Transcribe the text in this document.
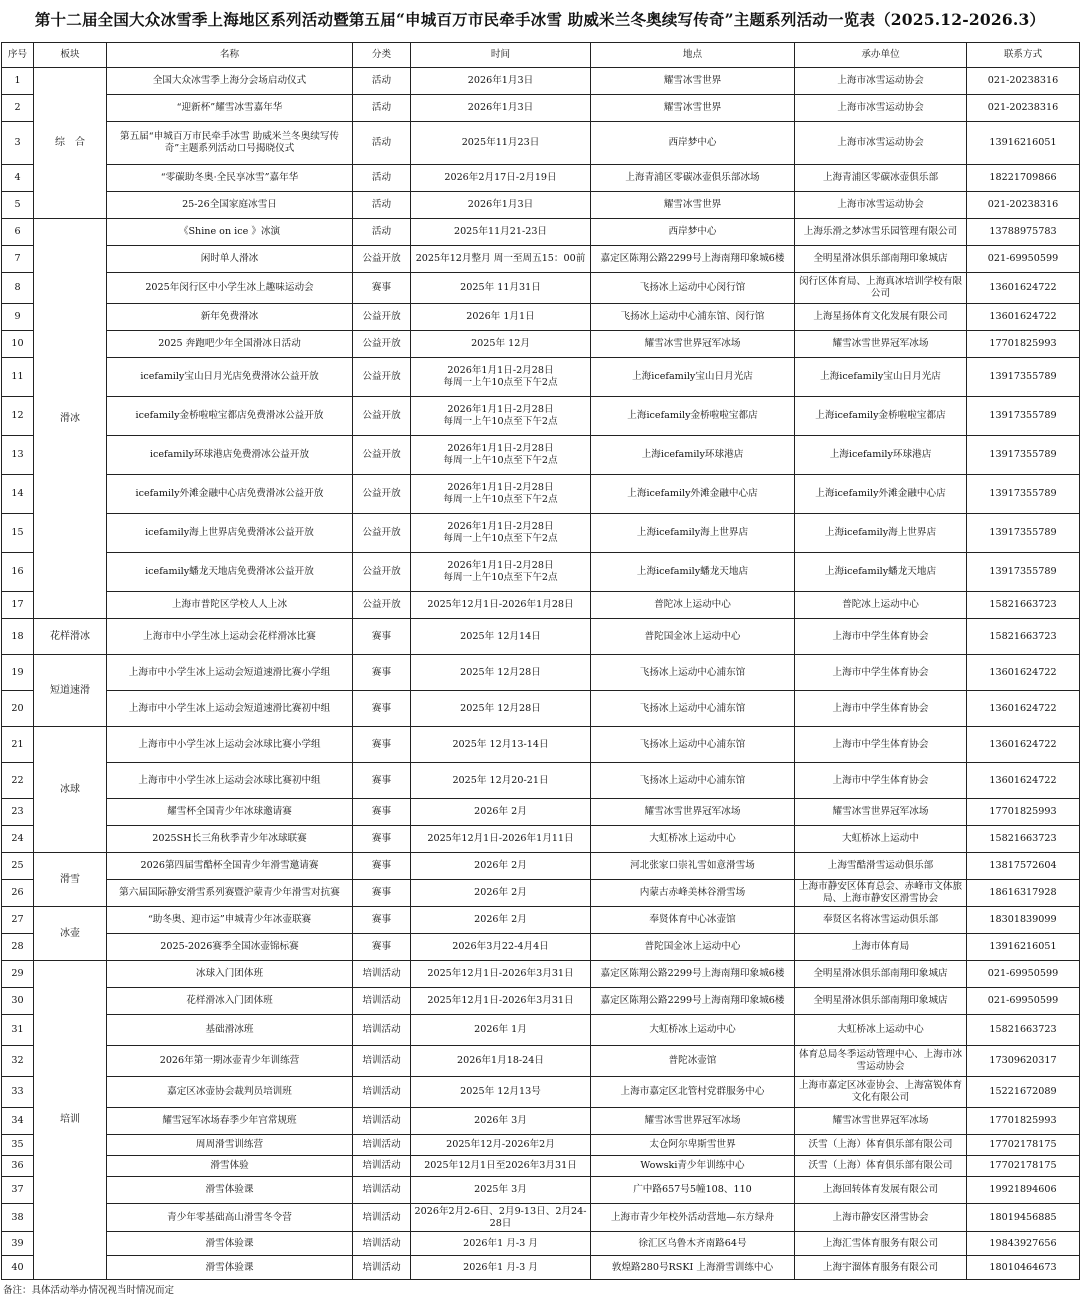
第十二届全国大众冰雪季上海地区系列活动暨第五届“申城百万市民牵手冰雪 助威米兰冬奥续写传奇”主题系列活动一览表（2025.12-2026.3）
序号	板块	名称	分类	时间	地点	承办单位	联系方式
1	综　合	全国大众冰雪季上海分会场启动仪式	活动	2026年1月3日	耀雪冰雪世界	上海市冰雪运动协会	021-20238316
2		“迎新杯”耀雪冰雪嘉年华	活动	2026年1月3日	耀雪冰雪世界	上海市冰雪运动协会	021-20238316
3		第五届“申城百万市民牵手冰雪 助威米兰冬奥续写传奇”主题系列活动口号揭晓仪式	活动	2025年11月23日	西岸梦中心	上海市冰雪运动协会	13916216051
4		“零碳助冬奥·全民享冰雪”嘉年华	活动	2026年2月17日-2月19日	上海青浦区零碳冰壶俱乐部冰场	上海青浦区零碳冰壶俱乐部	18221709866
5		25-26全国家庭冰雪日	活动	2026年1月3日	耀雪冰雪世界	上海市冰雪运动协会	021-20238316
6	滑冰	《Shine on ice 》冰演	活动	2025年11月21-23日	西岸梦中心	上海乐滑之梦冰雪乐园管理有限公司	13788975783
7		闲时单人滑冰	公益开放	2025年12月整月 周一至周五15：00前	嘉定区陈翔公路2299号上海南翔印象城6楼	全明星滑冰俱乐部南翔印象城店	021-69950599
8		2025年闵行区中小学生冰上趣味运动会	赛事	2025年 11月31日	飞扬冰上运动中心闵行馆	闵行区体育局、上海真冰培训学校有限公司	13601624722
9		新年免费滑冰	公益开放	2026年 1月1日	飞扬冰上运动中心浦东馆、闵行馆	上海星扬体育文化发展有限公司	13601624722
10		2025 奔跑吧少年全国滑冰日活动	公益开放	2025年 12月	耀雪冰雪世界冠军冰场	耀雪冰雪世界冠军冰场	17701825993
11		icefamily宝山日月光店免费滑冰公益开放	公益开放	2026年1月1日-2月28日
每周一上午10点至下午2点	上海icefamily宝山日月光店	上海icefamily宝山日月光店	13917355789
12		icefamily金桥啦啦宝都店免费滑冰公益开放	公益开放	2026年1月1日-2月28日
每周一上午10点至下午2点	上海icefamily金桥啦啦宝都店	上海icefamily金桥啦啦宝都店	13917355789
13		icefamily环球港店免费滑冰公益开放	公益开放	2026年1月1日-2月28日
每周一上午10点至下午2点	上海icefamily环球港店	上海icefamily环球港店	13917355789
14		icefamily外滩金融中心店免费滑冰公益开放	公益开放	2026年1月1日-2月28日
每周一上午10点至下午2点	上海icefamily外滩金融中心店	上海icefamily外滩金融中心店	13917355789
15		icefamily海上世界店免费滑冰公益开放	公益开放	2026年1月1日-2月28日
每周一上午10点至下午2点	上海icefamily海上世界店	上海icefamily海上世界店	13917355789
16		icefamily蟠龙天地店免费滑冰公益开放	公益开放	2026年1月1日-2月28日
每周一上午10点至下午2点	上海icefamily蟠龙天地店	上海icefamily蟠龙天地店	13917355789
17		上海市普陀区学校人人上冰	公益开放	2025年12月1日-2026年1月28日	普陀冰上运动中心	普陀冰上运动中心	15821663723
18	花样滑冰	上海市中小学生冰上运动会花样滑冰比赛	赛事	2025年 12月14日	普陀国金冰上运动中心	上海市中学生体育协会	15821663723
19	短道速滑	上海市中小学生冰上运动会短道速滑比赛小学组	赛事	2025年 12月28日	飞扬冰上运动中心浦东馆	上海市中学生体育协会	13601624722
20		上海市中小学生冰上运动会短道速滑比赛初中组	赛事	2025年 12月28日	飞扬冰上运动中心浦东馆	上海市中学生体育协会	13601624722
21	冰球	上海市中小学生冰上运动会冰球比赛小学组	赛事	2025年 12月13-14日	飞扬冰上运动中心浦东馆	上海市中学生体育协会	13601624722
22		上海市中小学生冰上运动会冰球比赛初中组	赛事	2025年 12月20-21日	飞扬冰上运动中心浦东馆	上海市中学生体育协会	13601624722
23		耀雪杯全国青少年冰球邀请赛	赛事	2026年 2月	耀雪冰雪世界冠军冰场	耀雪冰雪世界冠军冰场	17701825993
24		2025SH长三角秋季青少年冰球联赛	赛事	2025年12月1日-2026年1月11日	大虹桥冰上运动中心	大虹桥冰上运动中	15821663723
25	滑雪	2026第四届雪酷杯全国青少年滑雪邀请赛	赛事	2026年 2月	河北张家口崇礼雪如意滑雪场	上海雪酷滑雪运动俱乐部	13817572604
26		第六届国际静安滑雪系列赛暨沪蒙青少年滑雪对抗赛	赛事	2026年 2月	内蒙古赤峰美林谷滑雪场	上海市静安区体育总会、赤峰市文体旅局、上海市静安区滑雪协会	18616317928
27	冰壶	“助冬奥、迎市运”申城青少年冰壶联赛	赛事	2026年 2月	奉贤体育中心冰壶馆	奉贤区名将冰雪运动俱乐部	18301839099
28		2025-2026赛季全国冰壶锦标赛	赛事	2026年3月22-4月4日	普陀国金冰上运动中心	上海市体育局	13916216051
29	培训	冰球入门团体班	培训活动	2025年12月1日-2026年3月31日	嘉定区陈翔公路2299号上海南翔印象城6楼	全明星滑冰俱乐部南翔印象城店	021-69950599
30		花样滑冰入门团体班	培训活动	2025年12月1日-2026年3月31日	嘉定区陈翔公路2299号上海南翔印象城6楼	全明星滑冰俱乐部南翔印象城店	021-69950599
31		基础滑冰班	培训活动	2026年 1月	大虹桥冰上运动中心	大虹桥冰上运动中心	15821663723
32		2026年第一期冰壶青少年训练营	培训活动	2026年1月18-24日	普陀冰壶馆	体育总局冬季运动管理中心、上海市冰雪运动协会	17309620317
33		嘉定区冰壶协会裁判员培训班	培训活动	2025年 12月13号	上海市嘉定区北管村党群服务中心	上海市嘉定区冰壶协会、上海富锐体育文化有限公司	15221672089
34		耀雪冠军冰场春季少年宫常规班	培训活动	2026年 3月	耀雪冰雪世界冠军冰场	耀雪冰雪世界冠军冰场	17701825993
35		周周滑雪训练营	培训活动	2025年12月-2026年2月	太仓阿尔卑斯雪世界	沃雪（上海）体育俱乐部有限公司	17702178175
36		滑雪体验	培训活动	2025年12月1日至2026年3月31日	Wowski青少年训练中心	沃雪（上海）体育俱乐部有限公司	17702178175
37		滑雪体验课	培训活动	2025年 3月	广中路657号5幢108、110	上海回转体育发展有限公司	19921894606
38		青少年零基础高山滑雪冬令营	培训活动	2026年2月2-6日、2月9-13日、2月24-28日	上海市青少年校外活动营地—东方绿舟	上海市静安区滑雪协会	18019456885
39		滑雪体验课	培训活动	2026年1 月-3 月	徐汇区乌鲁木齐南路64号	上海汇雪体育服务有限公司	19843927656
40		滑雪体验课	培训活动	2026年1 月-3 月	敦煌路280号RSKI 上海滑雪训练中心	上海宇溜体育服务有限公司	18010464673
备注：具体活动举办情况视当时情况而定
